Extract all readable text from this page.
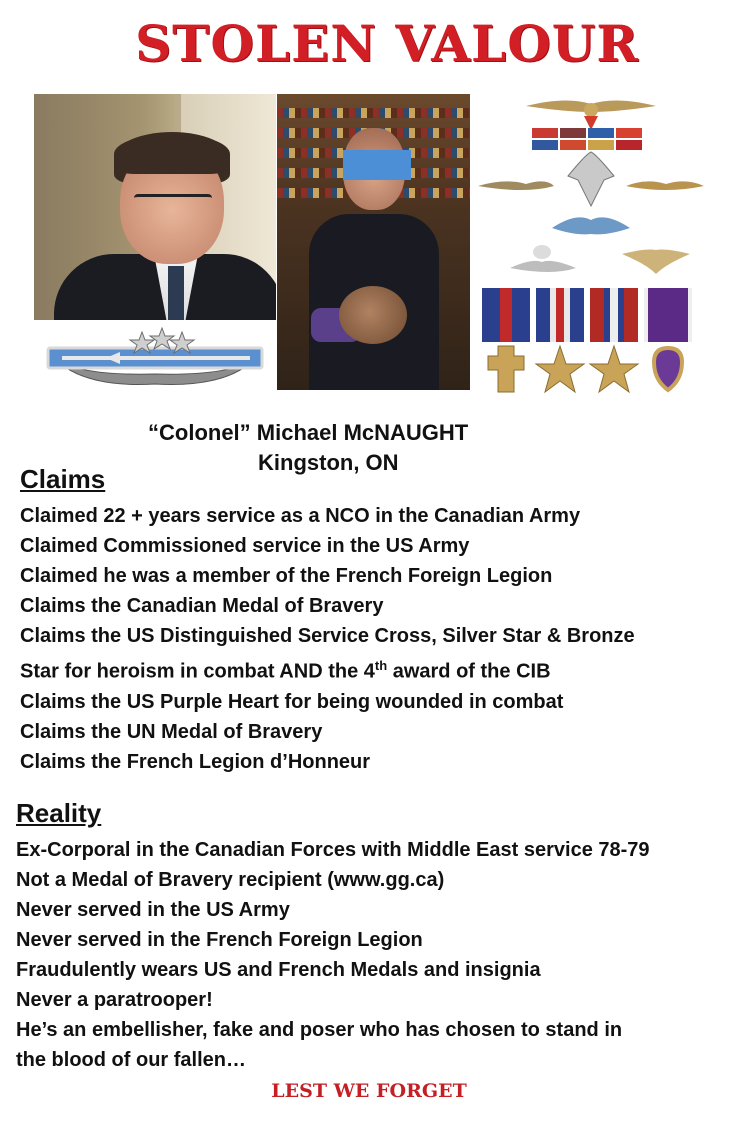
STOLEN VALOUR
“Colonel” Michael McNAUGHT
Kingston, ON
Claims
Claimed 22 + years service as a NCO in the Canadian Army
Claimed Commissioned service in the US Army
Claimed he was a member of the French Foreign Legion
Claims the Canadian Medal of Bravery
Claims the US Distinguished Service Cross, Silver Star & Bronze
Star for heroism in combat AND the 4th award of the CIB
Claims the US Purple Heart for being wounded in combat
Claims the UN Medal of Bravery
Claims the French Legion d’Honneur
Reality
Ex-Corporal in the Canadian Forces with Middle East service 78-79
Not a Medal of Bravery recipient (www.gg.ca)
Never served in the US Army
Never served in the French Foreign Legion
Fraudulently wears US and French Medals and insignia
Never a paratrooper!
He’s an embellisher, fake and poser who has chosen to stand in
the blood of our fallen…
LEST WE FORGET
